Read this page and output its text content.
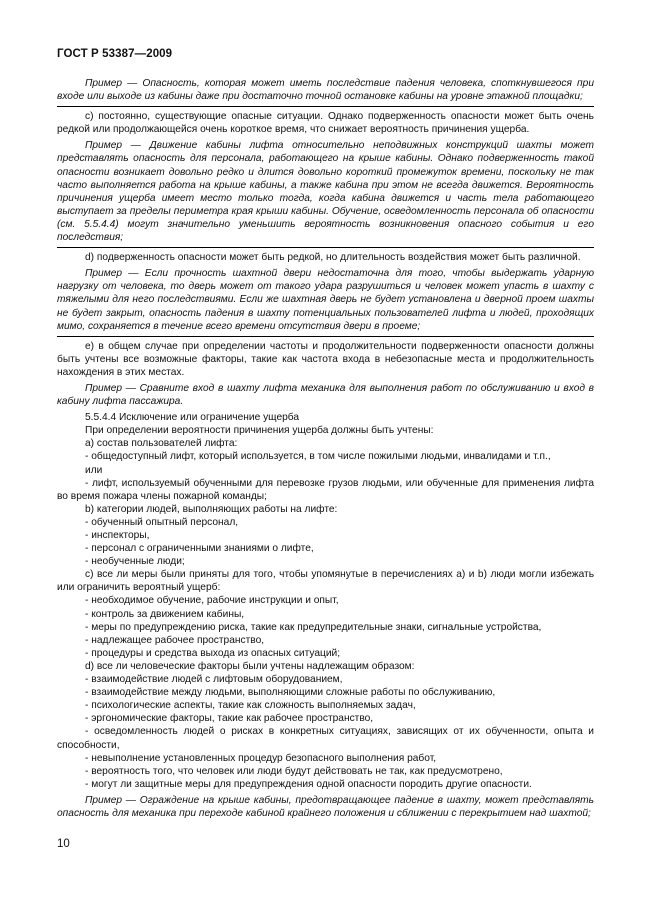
ГОСТ Р 53387—2009

Пример — Опасность, которая может иметь последствие падения человека, споткнувшегося при входе или выходе из кабины даже при достаточно точной остановке кабины на уровне этажной площадки;

с) постоянно, существующие опасные ситуации. Однако подверженность опасности может быть очень редкой или продолжающейся очень короткое время, что снижает вероятность причинения ущерба.

Пример — Движение кабины лифта относительно неподвижных конструкций шахты может представлять опасность для персонала, работающего на крыше кабины. Однако подверженность такой опасности возникает довольно редко и длится довольно короткий промежуток времени, поскольку не так часто выполняется работа на крыше кабины, а также кабина при этом не всегда движется. Вероятность причинения ущерба имеет место только тогда, когда кабина движется и часть тела работающего выступает за пределы периметра края крыши кабины. Обучение, осведомленность персонала об опасности (см. 5.5.4.4) могут значительно уменьшить вероятность возникновения опасного события и его последствия;

d) подверженность опасности может быть редкой, но длительность воздействия может быть различной.

Пример — Если прочность шахтной двери недостаточна для того, чтобы выдержать ударную нагрузку от человека, то дверь может от такого удара разрушиться и человек может упасть в шахту с тяжелыми для него последствиями. Если же шахтная дверь не будет установлена и дверной проем шахты не будет закрыт, опасность падения в шахту потенциальных пользователей лифта и людей, проходящих мимо, сохраняется в течение всего времени отсутствия двери в проеме;

е) в общем случае при определении частоты и продолжительности подверженности опасности должны быть учтены все возможные факторы, такие как частота входа в небезопасные места и продолжительность нахождения в этих местах.

Пример — Сравните вход в шахту лифта механика для выполнения работ по обслуживанию и вход в кабину лифта пассажира.

5.5.4.4 Исключение или ограничение ущерба

При определении вероятности причинения ущерба должны быть учтены:

а) состав пользователей лифта:

- общедоступный лифт, который используется, в том числе пожилыми людьми, инвалидами и т.п.,

или

- лифт, используемый обученными для перевозке грузов людьми, или обученные для применения лифта во время пожара члены пожарной команды;

b) категории людей, выполняющих работы на лифте:

- обученный опытный персонал,

- инспекторы,

- персонал с ограниченными знаниями о лифте,

- необученные люди;

с) все ли меры были приняты для того, чтобы упомянутые в перечислениях а) и b) люди могли избежать или ограничить вероятный ущерб:

- необходимое обучение, рабочие инструкции и опыт,

- контроль за движением кабины,

- меры по предупреждению риска, такие как предупредительные знаки, сигнальные устройства,

- надлежащее рабочее пространство,

- процедуры и средства выхода из опасных ситуаций;

d) все ли человеческие факторы были учтены надлежащим образом:

- взаимодействие людей с лифтовым оборудованием,

- взаимодействие между людьми, выполняющими сложные работы по обслуживанию,

- психологические аспекты, такие как сложность выполняемых задач,

- эргономические факторы, такие как рабочее пространство,

- осведомленность людей о рисках в конкретных ситуациях, зависящих от их обученности, опыта и способности,

- невыполнение установленных процедур безопасного выполнения работ,

- вероятность того, что человек или люди будут действовать не так, как предусмотрено,

- могут ли защитные меры для предупреждения одной опасности породить другие опасности.

Пример — Ограждение на крыше кабины, предотвращающее падение в шахту, может представлять опасность для механика при переходе кабиной крайнего положения и сближении с перекрытием над шахтой;

10
